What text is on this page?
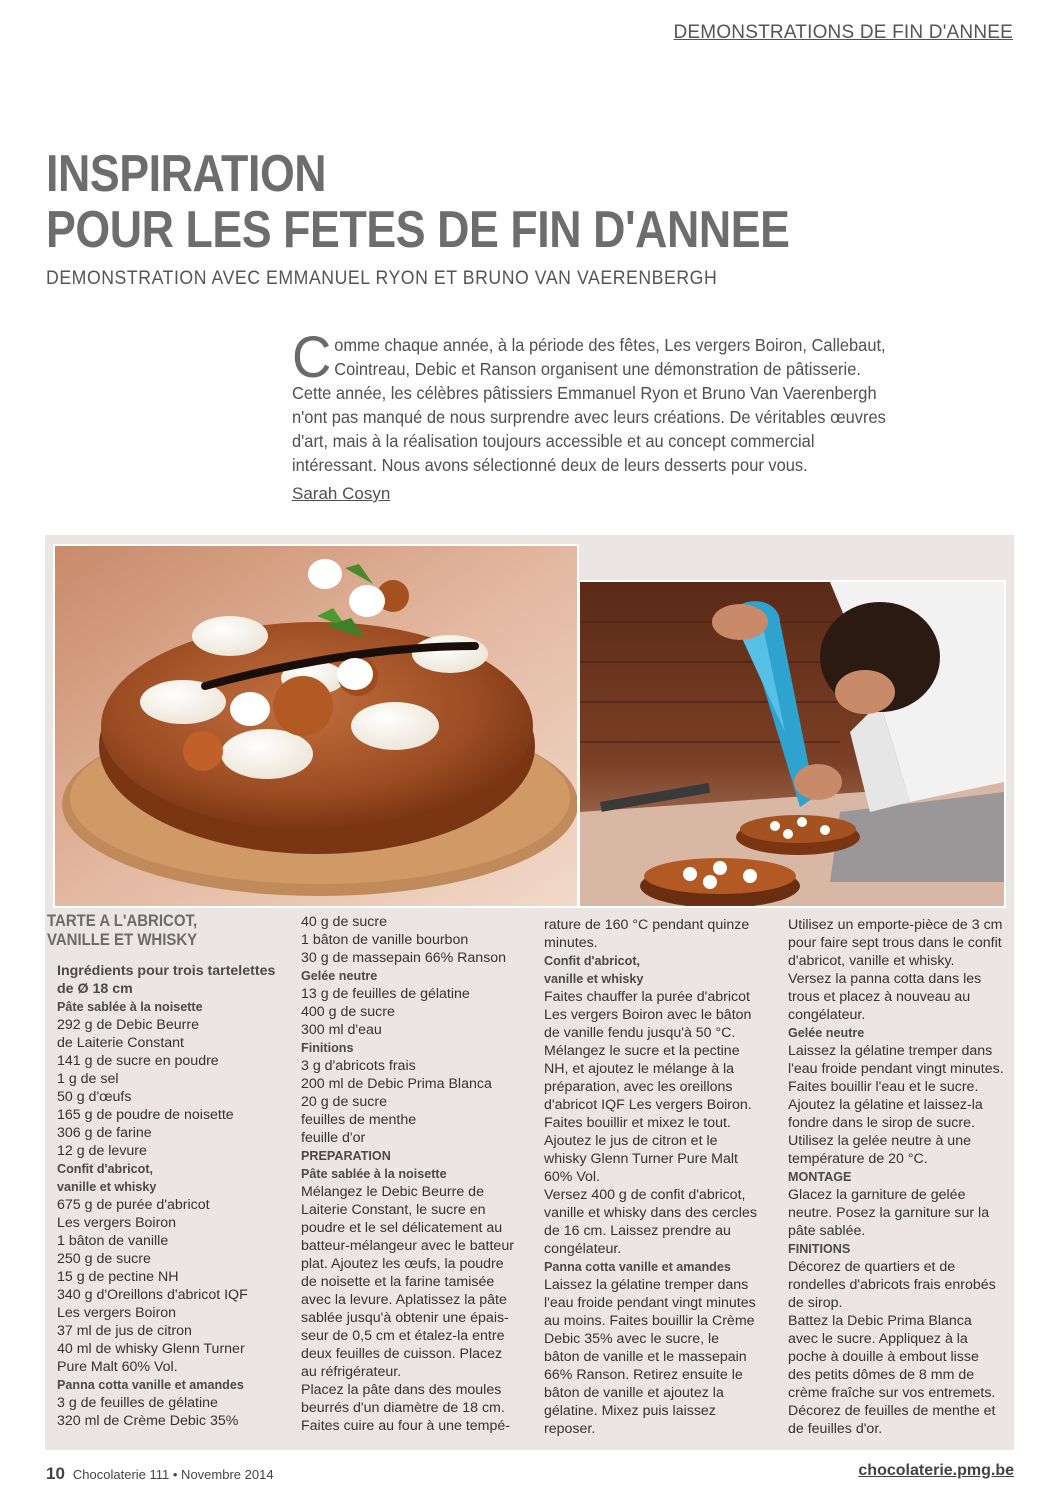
DEMONSTRATIONS DE FIN D'ANNEE
INSPIRATION
POUR LES FETES DE FIN D'ANNEE
DEMONSTRATION AVEC EMMANUEL RYON ET BRUNO VAN VAERENBERGH
Comme chaque année, à la période des fêtes, Les vergers Boiron, Callebaut, Cointreau, Debic et Ranson organisent une démonstration de pâtisserie. Cette année, les célèbres pâtissiers Emmanuel Ryon et Bruno Van Vaerenbergh n'ont pas manqué de nous surprendre avec leurs créations. De véritables œuvres d'art, mais à la réalisation toujours accessible et au concept commercial intéressant. Nous avons sélectionné deux de leurs desserts pour vous.
Sarah Cosyn
TARTE A L'ABRICOT,
VANILLE ET WHISKY
Ingrédients pour trois tartelettes
de Ø 18 cm
Pâte sablée à la noisette
292 g de Debic Beurre
de Laiterie Constant
141 g de sucre en poudre
1 g de sel
50 g d'œufs
165 g de poudre de noisette
306 g de farine
12 g de levure
Confit d'abricot,
vanille et whisky
675 g de purée d'abricot
Les vergers Boiron
1 bâton de vanille
250 g de sucre
15 g de pectine NH
340 g d'Oreillons d'abricot IQF
Les vergers Boiron
37 ml de jus de citron
40 ml de whisky Glenn Turner
Pure Malt 60% Vol.
Panna cotta vanille et amandes
3 g de feuilles de gélatine
320 ml de Crème Debic 35%
40 g de sucre
1 bâton de vanille bourbon
30 g de massepain 66% Ranson
Gelée neutre
13 g de feuilles de gélatine
400 g de sucre
300 ml d'eau
Finitions
3 g d'abricots frais
200 ml de Debic Prima Blanca
20 g de sucre
feuilles de menthe
feuille d'or
PREPARATION
Pâte sablée à la noisette
Mélangez le Debic Beurre de
Laiterie Constant, le sucre en
poudre et le sel délicatement au
batteur-mélangeur avec le batteur
plat. Ajoutez les œufs, la poudre
de noisette et la farine tamisée
avec la levure. Aplatissez la pâte
sablée jusqu'à obtenir une épais-
seur de 0,5 cm et étalez-la entre
deux feuilles de cuisson. Placez
au réfrigérateur.
Placez la pâte dans des moules
beurrés d'un diamètre de 18 cm.
Faites cuire au four à une tempé-
rature de 160 °C pendant quinze
minutes.
Confit d'abricot,
vanille et whisky
Faites chauffer la purée d'abricot
Les vergers Boiron avec le bâton
de vanille fendu jusqu'à 50 °C.
Mélangez le sucre et la pectine
NH, et ajoutez le mélange à la
préparation, avec les oreillons
d'abricot IQF Les vergers Boiron.
Faites bouillir et mixez le tout.
Ajoutez le jus de citron et le
whisky Glenn Turner Pure Malt
60% Vol.
Versez 400 g de confit d'abricot,
vanille et whisky dans des cercles
de 16 cm. Laissez prendre au
congélateur.
Panna cotta vanille et amandes
Laissez la gélatine tremper dans
l'eau froide pendant vingt minutes
au moins. Faites bouillir la Crème
Debic 35% avec le sucre, le
bâton de vanille et le massepain
66% Ranson. Retirez ensuite le
bâton de vanille et ajoutez la
gélatine. Mixez puis laissez
reposer.
Utilisez un emporte-pièce de 3 cm
pour faire sept trous dans le confit
d'abricot, vanille et whisky.
Versez la panna cotta dans les
trous et placez à nouveau au
congélateur.
Gelée neutre
Laissez la gélatine tremper dans
l'eau froide pendant vingt minutes.
Faites bouillir l'eau et le sucre.
Ajoutez la gélatine et laissez-la
fondre dans le sirop de sucre.
Utilisez la gelée neutre à une
température de 20 °C.
MONTAGE
Glacez la garniture de gelée
neutre. Posez la garniture sur la
pâte sablée.
FINITIONS
Décorez de quartiers et de
rondelles d'abricots frais enrobés
de sirop.
Battez la Debic Prima Blanca
avec le sucre. Appliquez à la
poche à douille à embout lisse
des petits dômes de 8 mm de
crème fraîche sur vos entremets.
Décorez de feuilles de menthe et
de feuilles d'or.
10 Chocolaterie 111 • Novembre 2014	chocolaterie.pmg.be
